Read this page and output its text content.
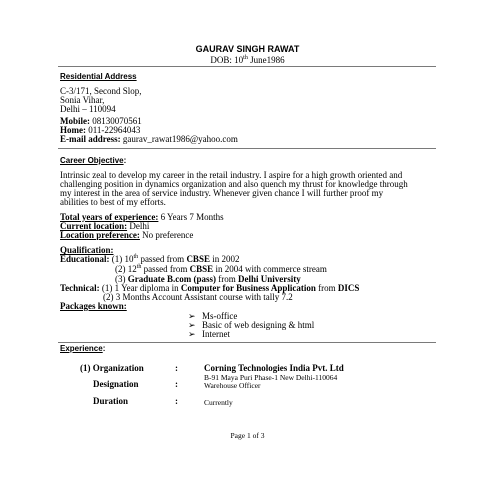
GAURAV SINGH RAWAT
DOB: 10th June1986
Residential Address
C-3/171, Second Slop,
Sonia Vihar,
Delhi – 110094
Mobile: 08130070561
Home: 011-22964043
E-mail address: gaurav_rawat1986@yahoo.com
Career Objective:
Intrinsic zeal to develop my career in the retail industry. I aspire for a high growth oriented and
challenging position in dynamics organization and also quench my thrust for knowledge through
my interest in the area of service industry. Whenever given chance I will further proof my
abilities to best of my efforts.
Total years of experience: 6 Years 7 Months
Current location: Delhi
Location preference: No preference
Qualification:
Educational: (1) 10th passed from CBSE in 2002
(2) 12th passed from CBSE in 2004 with commerce stream
(3) Graduate B.com (pass) from Delhi University
Technical: (1) 1 Year diploma in Computer for Business Application from DICS
(2) 3 Months Account Assistant course with tally 7.2
Packages known:
➢ Ms-office
➢ Basic of web designing & html
➢ Internet
Experience:
(1) Organization	:	Corning Technologies India Pvt. Ltd
B-91 Maya Puri Phase-1 New Delhi-110064
Designation	:	Warehouse Officer
Duration	:	Currently
Page 1 of 3
